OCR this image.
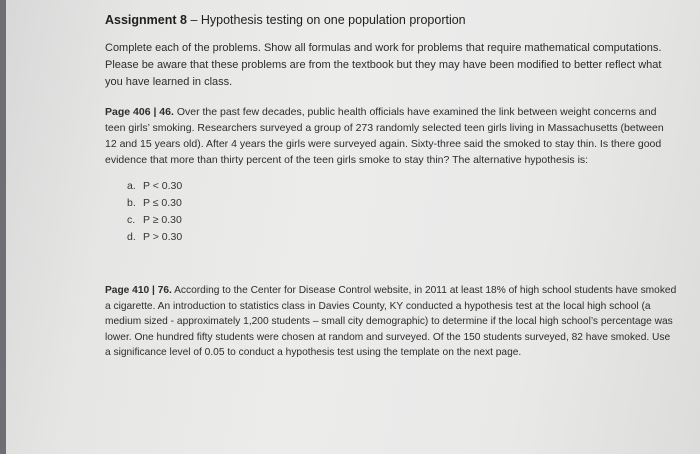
Assignment 8 – Hypothesis testing on one population proportion

Complete each of the problems. Show all formulas and work for problems that require mathematical computations. Please be aware that these problems are from the textbook but they may have been modified to better reflect what you have learned in class.

Page 406 | 46. Over the past few decades, public health officials have examined the link between weight concerns and teen girls’ smoking. Researchers surveyed a group of 273 randomly selected teen girls living in Massachusetts (between 12 and 15 years old). After 4 years the girls were surveyed again. Sixty-three said the smoked to stay thin. Is there good evidence that more than thirty percent of the teen girls smoke to stay thin? The alternative hypothesis is:

a. P < 0.30
b. P ≤ 0.30
c. P ≥ 0.30
d. P > 0.30

Page 410 | 76. According to the Center for Disease Control website, in 2011 at least 18% of high school students have smoked a cigarette. An introduction to statistics class in Davies County, KY conducted a hypothesis test at the local high school (a medium sized - approximately 1,200 students – small city demographic) to determine if the local high school’s percentage was lower. One hundred fifty students were chosen at random and surveyed. Of the 150 students surveyed, 82 have smoked. Use a significance level of 0.05 to conduct a hypothesis test using the template on the next page.
